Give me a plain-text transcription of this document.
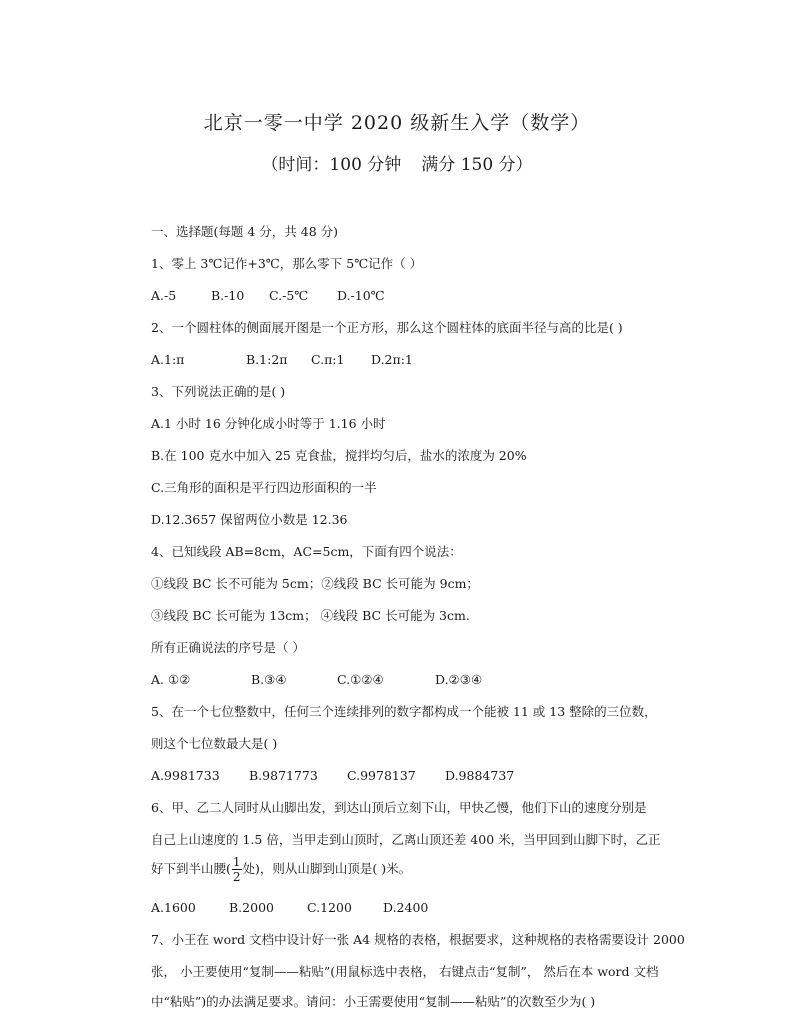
北京一零一中学 2020 级新生入学（数学）
（时间：100 分钟 满分 150 分）
一、选择题(每题 4 分，共 48 分)
1、零上 3℃记作+3℃，那么零下 5℃记作（ ）
A.-5	B.-10 C.-5℃ D.-10℃
2、一个圆柱体的侧面展开图是一个正方形，那么这个圆柱体的底面半径与高的比是( )
A.1:π	B.1:2π C.π:1 D.2π:1
3、下列说法正确的是( )
A.1 小时 16 分钟化成小时等于 1.16 小时
B.在 100 克水中加入 25 克食盐，搅拌均匀后，盐水的浓度为 20%
C.三角形的面积是平行四边形面积的一半
D.12.3657 保留两位小数是 12.36
4、已知线段 AB=8cm，AC=5cm，下面有四个说法：
①线段 BC 长不可能为 5cm；②线段 BC 长可能为 9cm；
③线段 BC 长可能为 13cm； ④线段 BC 长可能为 3cm.
所有正确说法的序号是（ ）
A. ①②	B.③④	C.①②④	D.②③④
5、在一个七位整数中，任何三个连续排列的数字都构成一个能被 11 或 13 整除的三位数，
则这个七位数最大是( )
A.9981733 B.9871773 C.9978137 D.9884737
6、甲、乙二人同时从山脚出发，到达山顶后立刻下山，甲快乙慢，他们下山的速度分别是
自己上山速度的 1.5 倍，当甲走到山顶时，乙离山顶还差 400 米，当甲回到山脚下时，乙正
好下到半山腰( $\frac{1}{2}$ 处)，则从山脚到山顶是( )米。
A.1600	B.2000	C.1200 D.2400
7、小王在 word 文档中设计好一张 A4 规格的表格，根据要求，这种规格的表格需要设计 2000
张， 小王要使用“复制——粘贴”(用鼠标选中表格， 右键点击“复制”， 然后在本 word 文档
中“粘贴”)的办法满足要求。请问：小王需要使用“复制——粘贴”的次数至少为( )
